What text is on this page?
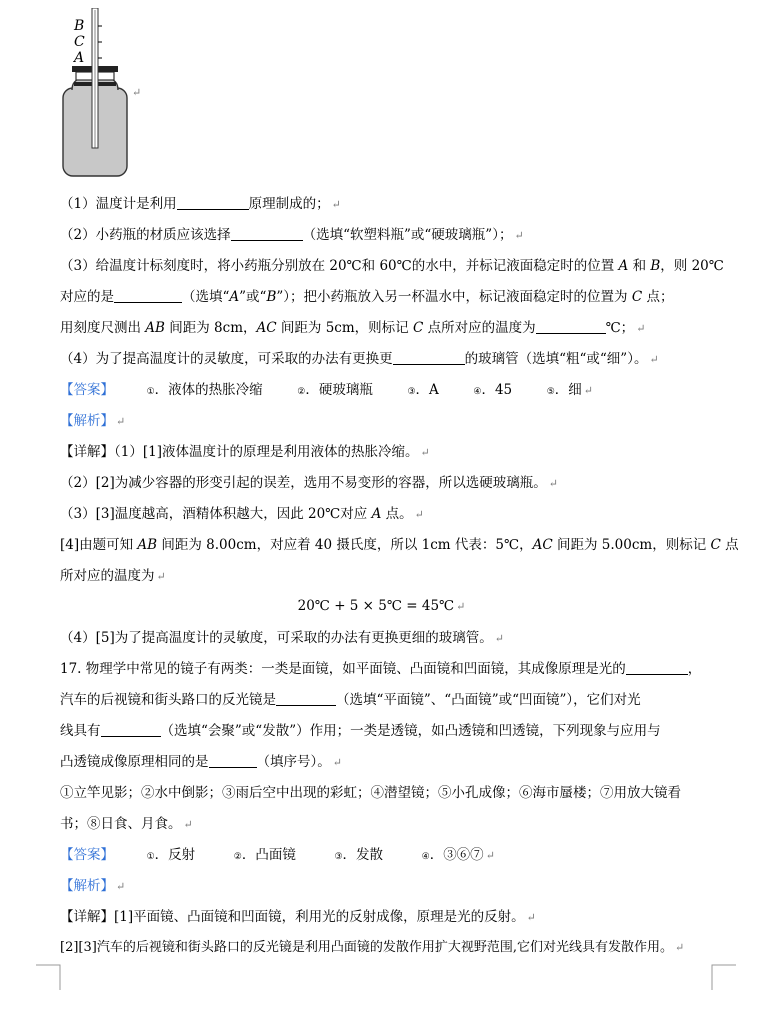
B
C
A
↵
（1）温度计是利用	原理制成的； ↵
（2）小药瓶的材质应该选择	（选填“软塑料瓶”或“硬玻璃瓶”）； ↵
（3）给温度计标刻度时，将小药瓶分别放在 20℃和 60℃的水中，并标记液面稳定时的位置 A 和 B，则 20℃
对应的是	（选填“A”或“B”）；把小药瓶放入另一杯温水中，标记液面稳定时的位置为 C 点；
用刻度尺测出 AB 间距为 8cm，AC 间距为 5cm，则标记 C 点所对应的温度为	℃； ↵
（4）为了提高温度计的灵敏度，可采取的办法有更换更	的玻璃管（选填“粗“或“细”）。 ↵
【答案】	①．液体的热胀冷缩	②．硬玻璃瓶	③．A	④．45	⑤．细 ↵
【解析】 ↵
【详解】（1）[1]液体温度计的原理是利用液体的热胀冷缩。 ↵
（2）[2]为减少容器的形变引起的误差，选用不易变形的容器，所以选硬玻璃瓶。 ↵
（3）[3]温度越高，酒精体积越大，因此 20℃对应 A 点。 ↵
[4]由题可知 AB 间距为 8.00cm，对应着 40 摄氏度，所以 1cm 代表：5℃，AC 间距为 5.00cm，则标记 C 点
所对应的温度为 ↵
20℃ + 5 × 5℃ = 45℃ ↵
（4）[5]为了提高温度计的灵敏度，可采取的办法有更换更细的玻璃管。 ↵
17. 物理学中常见的镜子有两类：一类是面镜，如平面镜、凸面镜和凹面镜，其成像原理是光的	，
汽车的后视镜和街头路口的反光镜是	（选填“平面镜”、“凸面镜”或“凹面镜”），它们对光
线具有	（选填“会聚”或“发散”）作用；一类是透镜，如凸透镜和凹透镜，下列现象与应用与
凸透镜成像原理相同的是	（填序号）。 ↵
①立竿见影；②水中倒影；③雨后空中出现的彩虹；④潜望镜；⑤小孔成像；⑥海市蜃楼；⑦用放大镜看
书；⑧日食、月食。 ↵
【答案】	①．反射	②．凸面镜	③．发散	④．③⑥⑦ ↵
【解析】 ↵
【详解】[1]平面镜、凸面镜和凹面镜，利用光的反射成像，原理是光的反射。 ↵
[2][3]汽车的后视镜和街头路口的反光镜是利用凸面镜的发散作用扩大视野范围,它们对光线具有发散作用。 ↵
